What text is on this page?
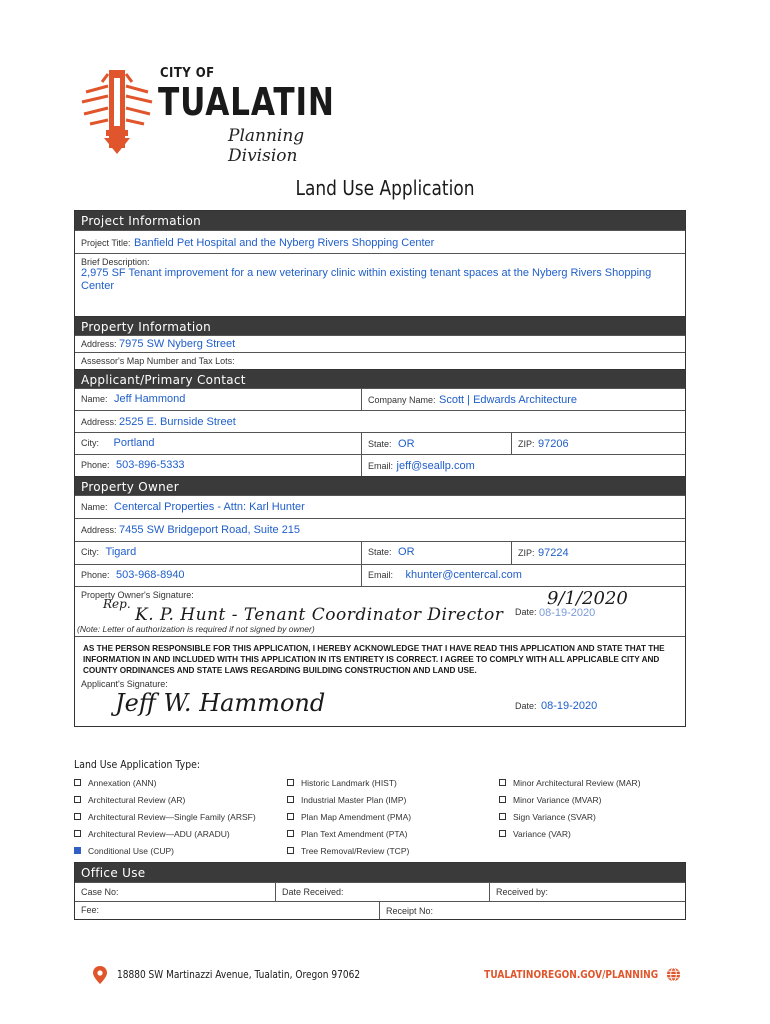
CITY OF
TUALATIN
Planning Division
Land Use Application
Project Information
Project Title: Banfield Pet Hospital and the Nyberg Rivers Shopping Center
Brief Description:
2,975 SF Tenant improvement for a new veterinary clinic within existing tenant spaces at the Nyberg Rivers Shopping Center
Property Information
Address: 7975 SW Nyberg Street
Assessor's Map Number and Tax Lots:
Applicant/Primary Contact
Name: Jeff Hammond	Company Name: Scott | Edwards Architecture
Address: 2525 E. Burnside Street
City: Portland	State: OR	ZIP: 97206
Phone: 503-896-5333	Email: jeff@seallp.com
Property Owner
Name: Centercal Properties - Attn: Karl Hunter
Address: 7455 SW Bridgeport Road, Suite 215
City: Tigard	State: OR	ZIP: 97224
Phone: 503-968-8940	Email: khunter@centercal.com
Property Owner's Signature:
Date: 08-19-2020
Rep.
K. P. Hunt - Tenant Coordinator Director
9/1/2020
(Note: Letter of authorization is required if not signed by owner)
AS THE PERSON RESPONSIBLE FOR THIS APPLICATION, I HEREBY ACKNOWLEDGE THAT I HAVE READ THIS APPLICATION AND STATE THAT THE INFORMATION IN AND INCLUDED WITH THIS APPLICATION IN ITS ENTIRETY IS CORRECT. I AGREE TO COMPLY WITH ALL APPLICABLE CITY AND COUNTY ORDINANCES AND STATE LAWS REGARDING BUILDING CONSTRUCTION AND LAND USE.
Applicant's Signature:
Jeff W. Hammond	Date: 08-19-2020
Land Use Application Type:
Annexation (ANN)
Architectural Review (AR)
Architectural Review—Single Family (ARSF)
Architectural Review—ADU (ARADU)
Conditional Use (CUP)
Historic Landmark (HIST)
Industrial Master Plan (IMP)
Plan Map Amendment (PMA)
Plan Text Amendment (PTA)
Tree Removal/Review (TCP)
Minor Architectural Review (MAR)
Minor Variance (MVAR)
Sign Variance (SVAR)
Variance (VAR)
Office Use
Case No:	Date Received:	Received by:
Fee:	Receipt No:
18880 SW Martinazzi Avenue, Tualatin, Oregon 97062	TUALATINOREGON.GOV/PLANNING
